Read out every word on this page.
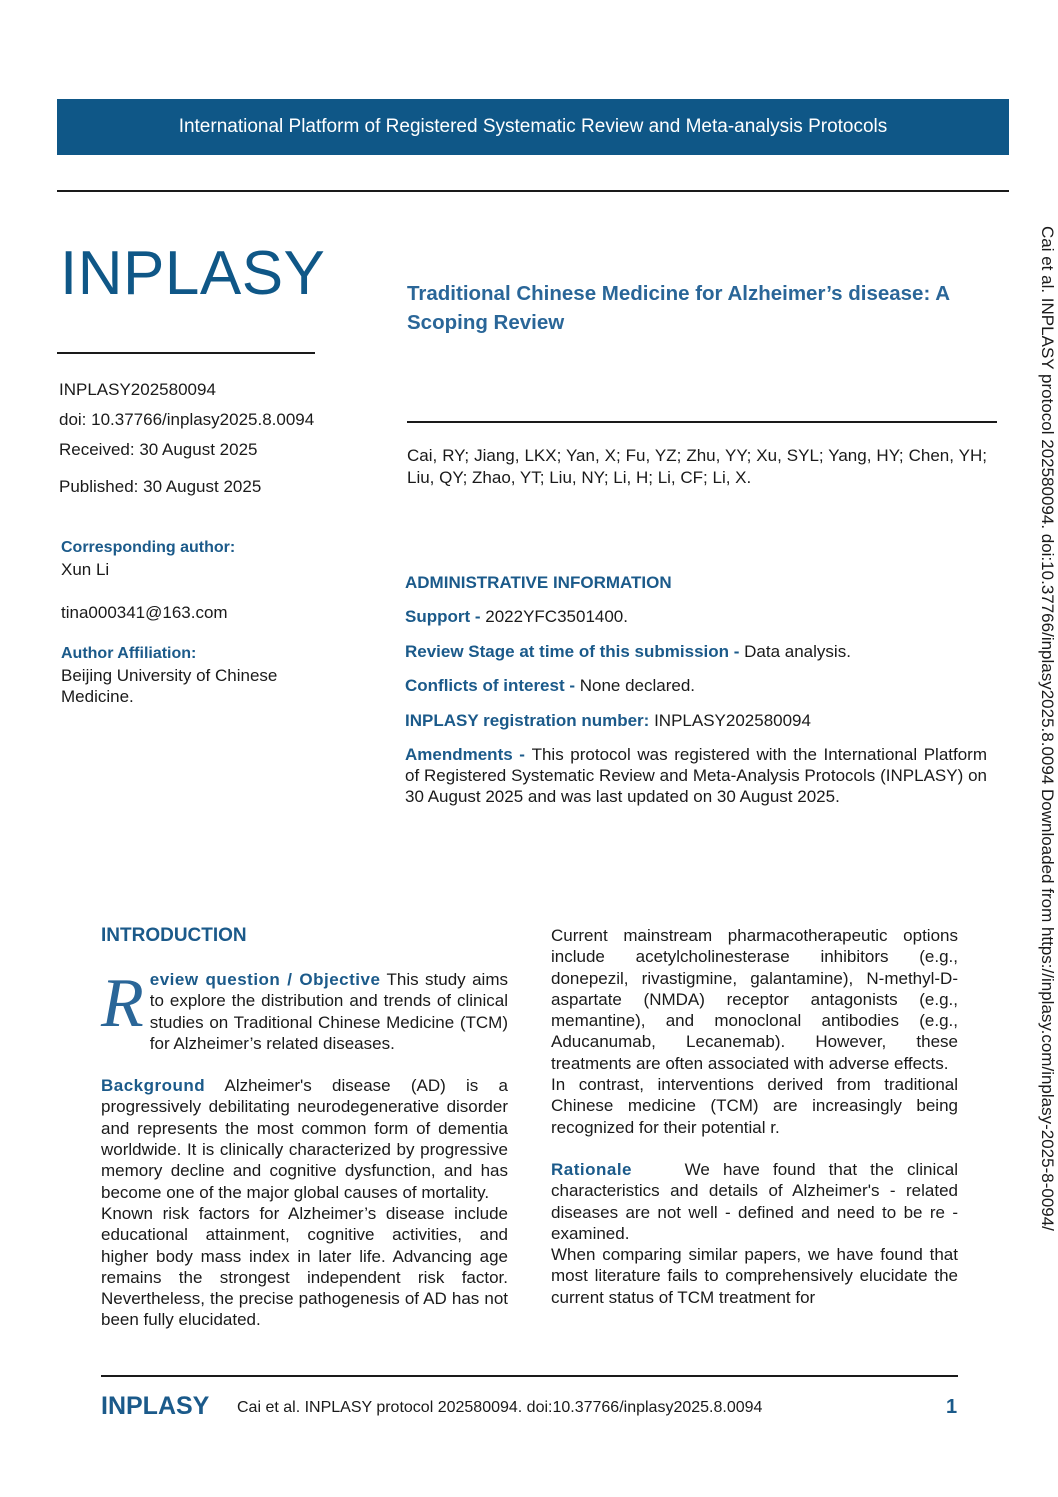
International Platform of Registered Systematic Review and Meta-analysis Protocols
INPLASY	Traditional Chinese Medicine for Alzheimer’s disease: A Scoping Review
INPLASY202580094
doi: 10.37766/inplasy2025.8.0094
Received: 30 August 2025
Published: 30 August 2025
Cai, RY; Jiang, LKX; Yan, X; Fu, YZ; Zhu, YY; Xu, SYL; Yang, HY; Chen, YH; Liu, QY; Zhao, YT; Liu, NY; Li, H; Li, CF; Li, X.
Corresponding author:
Xun Li
tina000341@163.com
Author Affiliation:
Beijing University of Chinese Medicine.
ADMINISTRATIVE INFORMATION
Support - 2022YFC3501400.
Review Stage at time of this submission - Data analysis.
Conflicts of interest - None declared.
INPLASY registration number: INPLASY202580094
Amendments - This protocol was registered with the International Platform of Registered Systematic Review and Meta-Analysis Protocols (INPLASY) on 30 August 2025 and was last updated on 30 August 2025.	Cai et al. INPLASY protocol 202580094. doi:10.37766/inplasy2025.8.0094 Downloaded from https://inplasy.com/inplasy-2025-8-0094/
INTRODUCTION

Review question / Objective This study aims to explore the distribution and trends of clinical studies on Traditional Chinese Medicine (TCM) for Alzheimer’s related diseases.

Background Alzheimer's disease (AD) is a progressively debilitating neurodegenerative disorder and represents the most common form of dementia worldwide. It is clinically characterized by progressive memory decline and cognitive dysfunction, and has become one of the major global causes of mortality.

Known risk factors for Alzheimer’s disease include educational attainment, cognitive activities, and higher body mass index in later life. Advancing age remains the strongest independent risk factor. Nevertheless, the precise pathogenesis of AD has not been fully elucidated.

Current mainstream pharmacotherapeutic options include acetylcholinesterase inhibitors (e.g., donepezil, rivastigmine, galantamine), N-methyl-D-aspartate (NMDA) receptor antagonists (e.g., memantine), and monoclonal antibodies (e.g., Aducanumab, Lecanemab). However, these treatments are often associated with adverse effects.

In contrast, interventions derived from traditional Chinese medicine (TCM) are increasingly being recognized for their potential r.

Rationale    We have found that the clinical characteristics and details of Alzheimer's - related diseases are not well - defined and need to be re - examined.

When comparing similar papers, we have found that most literature fails to comprehensively elucidate the current status of TCM treatment for

INPLASY Cai et al. INPLASY protocol 202580094. doi:10.37766/inplasy2025.8.0094	1
